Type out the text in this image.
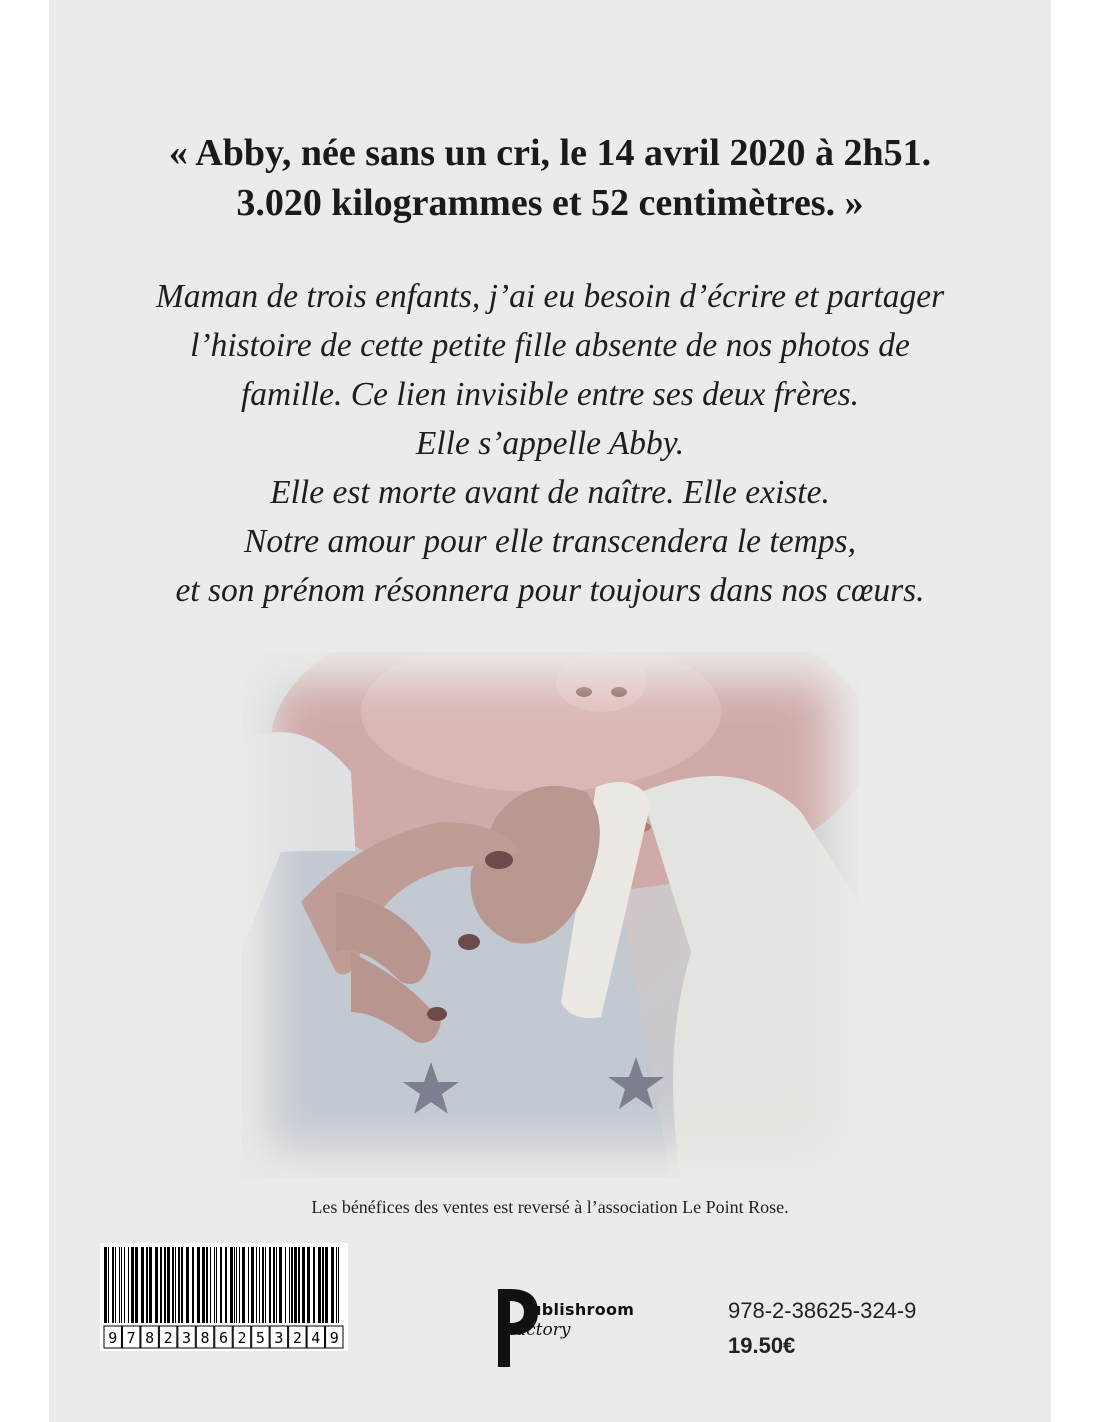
« Abby, née sans un cri, le 14 avril 2020 à 2h51.
3.020 kilogrammes et 52 centimètres. »
Maman de trois enfants, j’ai eu besoin d’écrire et partager
l’histoire de cette petite fille absente de nos photos de
famille. Ce lien invisible entre ses deux frères.
Elle s’appelle Abby.
Elle est morte avant de naître. Elle existe.
Notre amour pour elle transcendera le temps,
et son prénom résonnera pour toujours dans nos cœurs.
Les bénéfices des ventes est reversé à l’association Le Point Rose.
9 7 8 2 3 8 6 2 5 3 2 4 9
ublishroom
actory
978-2-38625-324-9
19.50€
